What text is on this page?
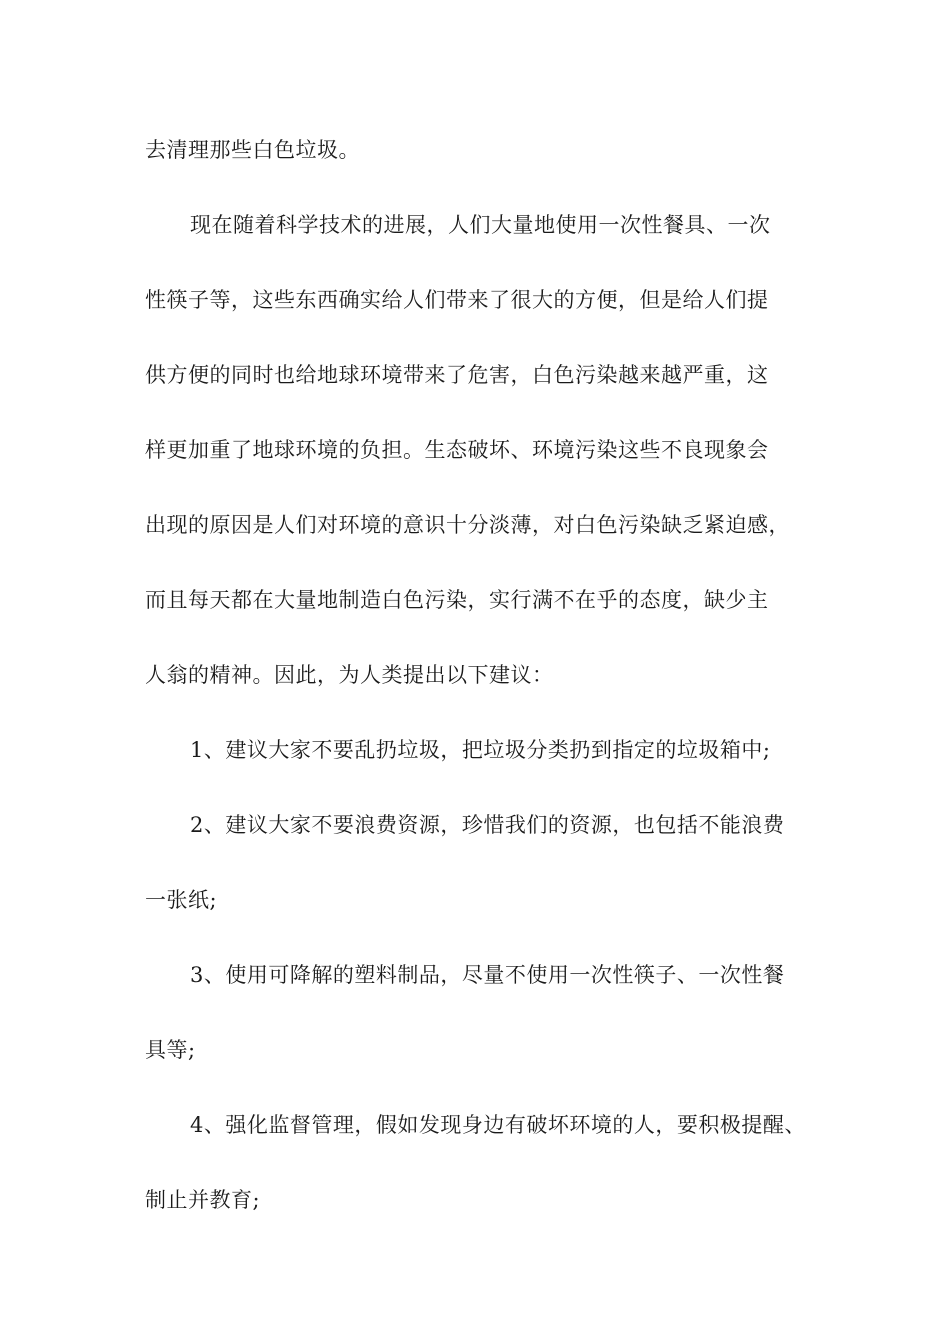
去清理那些白色垃圾。

现在随着科学技术的进展，人们大量地使用一次性餐具、一次

性筷子等，这些东西确实给人们带来了很大的方便，但是给人们提

供方便的同时也给地球环境带来了危害，白色污染越来越严重，这

样更加重了地球环境的负担。生态破坏、环境污染这些不良现象会

出现的原因是人们对环境的意识十分淡薄，对白色污染缺乏紧迫感，

而且每天都在大量地制造白色污染，实行满不在乎的态度，缺少主

人翁的精神。因此，为人类提出以下建议：

1、建议大家不要乱扔垃圾，把垃圾分类扔到指定的垃圾箱中;

2、建议大家不要浪费资源，珍惜我们的资源，也包括不能浪费

一张纸;

3、使用可降解的塑料制品，尽量不使用一次性筷子、一次性餐

具等;

4、强化监督管理，假如发现身边有破坏环境的人，要积极提醒、

制止并教育;
